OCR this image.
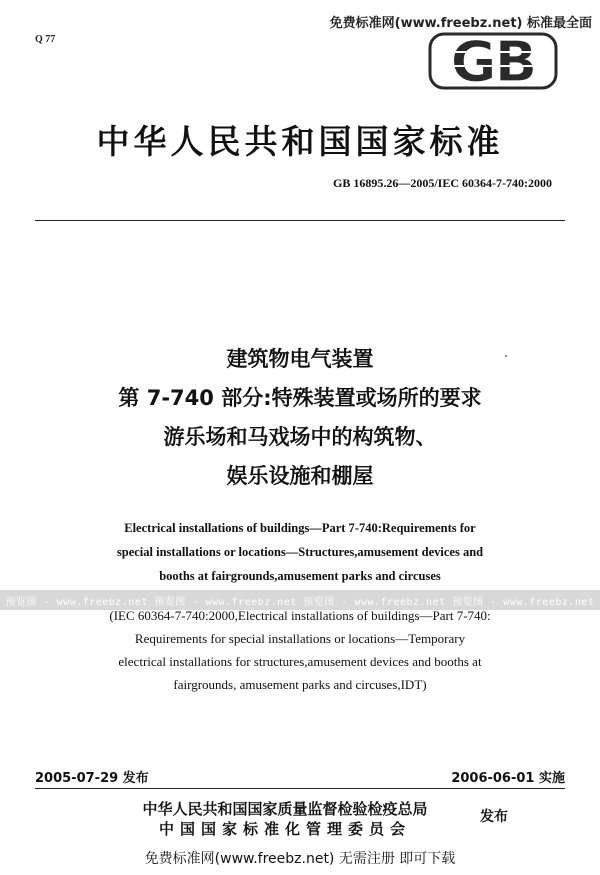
免费标准网(www.freebz.net) 标准最全面
Q 77	GB
中华人民共和国国家标准
GB 16895.26—2005/IEC 60364-7-740:2000
建筑物电气装置
第 7-740 部分:特殊装置或场所的要求
游乐场和马戏场中的构筑物、
娱乐设施和棚屋
Electrical installations of buildings—Part 7-740:Requirements for
special installations or locations—Structures,amusement devices and
booths at fairgrounds,amusement parks and circuses
预览图 - www.freebz.net 预览图 - www.freebz.net 预览图 - www.freebz.net 预览图 - www.freebz.net
(IEC 60364-7-740:2000,Electrical installations of buildings—Part 7-740:
Requirements for special installations or locations—Temporary
electrical installations for structures,amusement devices and booths at
fairgrounds, amusement parks and circuses,IDT)
2005-07-29 发布	2006-06-01 实施
中华人民共和国国家质量监督检验检疫总局
中国国家标准化管理委员会
发布
免费标准网(www.freebz.net) 无需注册 即可下载
